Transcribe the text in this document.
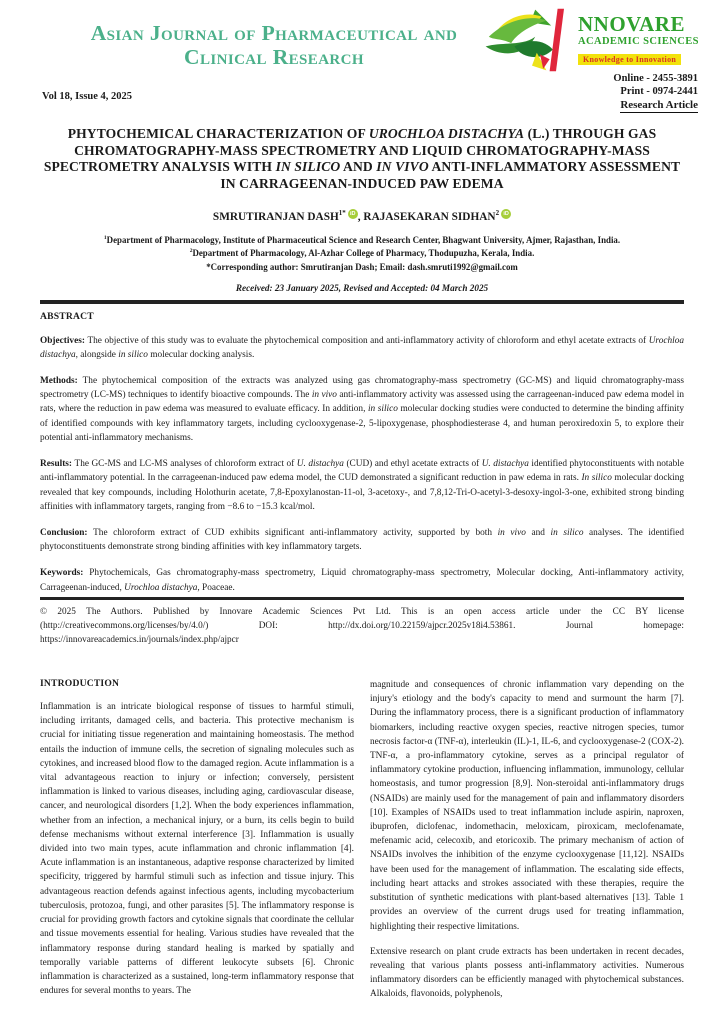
Asian Journal of Pharmaceutical and Clinical Research
NNOVARE
ACADEMIC SCIENCES
Knowledge to Innovation
Online - 2455-3891
Print - 0974-2441
Research Article
Vol 18, Issue 4, 2025
PHYTOCHEMICAL CHARACTERIZATION OF UROCHLOA DISTACHYA (L.) THROUGH GAS CHROMATOGRAPHY-MASS SPECTROMETRY AND LIQUID CHROMATOGRAPHY-MASS SPECTROMETRY ANALYSIS WITH IN SILICO AND IN VIVO ANTI-INFLAMMATORY ASSESSMENT IN CARRAGEENAN-INDUCED PAW EDEMA
SMRUTIRANJAN $DASH^{1*}$ iD , RAJASEKARAN SIDHAN$^2$ iD
$^1$Department of Pharmacology, Institute of Pharmaceutical Science and Research Center, Bhagwant University, Ajmer, Rajasthan, India.
$^2$Department of Pharmacology, Al-Azhar College of Pharmacy, Thodupuzha, Kerala, India.
*Corresponding author: Smrutiranjan Dash; Email: dash.smruti1992@gmail.com
Received: 23 January 2025, Revised and Accepted: 04 March 2025
ABSTRACT
Objectives: The objective of this study was to evaluate the phytochemical composition and anti-inflammatory activity of chloroform and ethyl acetate extracts of Urochloa distachya, alongside in silico molecular docking analysis.
Methods: The phytochemical composition of the extracts was analyzed using gas chromatography-mass spectrometry (GC-MS) and liquid chromatography-mass spectrometry (LC-MS) techniques to identify bioactive compounds. The in vivo anti-inflammatory activity was assessed using the carrageenan-induced paw edema model in rats, where the reduction in paw edema was measured to evaluate efficacy. In addition, in silico molecular docking studies were conducted to determine the binding affinity of identified compounds with key inflammatory targets, including cyclooxygenase-2, 5-lipoxygenase, phosphodiesterase 4, and human peroxiredoxin 5, to explore their potential anti-inflammatory mechanisms.
Results: The GC-MS and LC-MS analyses of chloroform extract of U. distachya (CUD) and ethyl acetate extracts of U. distachya identified phytoconstituents with notable anti-inflammatory potential. In the carrageenan-induced paw edema model, the CUD demonstrated a significant reduction in paw edema in rats. In silico molecular docking revealed that key compounds, including Holothurin acetate, 7,8-Epoxylanostan-11-ol, 3-acetoxy-, and 7,8,12-Tri-O-acetyl-3-desoxy-ingol-3-one, exhibited strong binding affinities with inflammatory targets, ranging from −8.6 to −15.3 kcal/mol.
Conclusion: The chloroform extract of CUD exhibits significant anti-inflammatory activity, supported by both in vivo and in silico analyses. The identified phytoconstituents demonstrate strong binding affinities with key inflammatory targets.
Keywords: Phytochemicals, Gas chromatography-mass spectrometry, Liquid chromatography-mass spectrometry, Molecular docking, Anti-inflammatory activity, Carrageenan-induced, Urochloa distachya, Poaceae.
© 2025 The Authors. Published by Innovare Academic Sciences Pvt Ltd. This is an open access article under the CC BY license (http://creativecommons.org/licenses/by/4.0/) DOI: http://dx.doi.org/10.22159/ajpcr.2025v18i4.53861. Journal homepage: https://innovareacademics.in/journals/index.php/ajpcr
INTRODUCTION
Inflammation is an intricate biological response of tissues to harmful stimuli, including irritants, damaged cells, and bacteria. This protective mechanism is crucial for initiating tissue regeneration and maintaining homeostasis. The method entails the induction of immune cells, the secretion of signaling molecules such as cytokines, and increased blood flow to the damaged region. Acute inflammation is a vital advantageous reaction to injury or infection; conversely, persistent inflammation is linked to various diseases, including aging, cardiovascular disease, cancer, and neurological disorders [1,2]. When the body experiences inflammation, whether from an infection, a mechanical injury, or a burn, its cells begin to build defense mechanisms without external interference [3]. Inflammation is usually divided into two main types, acute inflammation and chronic inflammation [4]. Acute inflammation is an instantaneous, adaptive response characterized by limited specificity, triggered by harmful stimuli such as infection and tissue injury. This advantageous reaction defends against infectious agents, including mycobacterium tuberculosis, protozoa, fungi, and other parasites [5]. The inflammatory response is crucial for providing growth factors and cytokine signals that coordinate the cellular and tissue movements essential for healing. Various studies have revealed that the inflammatory response during standard healing is marked by spatially and temporally variable patterns of different leukocyte subsets [6]. Chronic inflammation is characterized as a sustained, long-term inflammatory response that endures for several months to years. The
magnitude and consequences of chronic inflammation vary depending on the injury's etiology and the body's capacity to mend and surmount the harm [7]. During the inflammatory process, there is a significant production of inflammatory biomarkers, including reactive oxygen species, reactive nitrogen species, tumor necrosis factor-α (TNF-α), interleukin (IL)-1, IL-6, and cyclooxygenase-2 (COX-2). TNF-α, a pro-inflammatory cytokine, serves as a principal regulator of inflammatory cytokine production, influencing inflammation, immunology, cellular homeostasis, and tumor progression [8,9]. Non-steroidal anti-inflammatory drugs (NSAIDs) are mainly used for the management of pain and inflammatory disorders [10]. Examples of NSAIDs used to treat inflammation include aspirin, naproxen, ibuprofen, diclofenac, indomethacin, meloxicam, piroxicam, meclofenamate, mefenamic acid, celecoxib, and etoricoxib. The primary mechanism of action of NSAIDs involves the inhibition of the enzyme cyclooxygenase [11,12]. NSAIDs have been used for the management of inflammation. The escalating side effects, including heart attacks and strokes associated with these therapies, require the substitution of synthetic medications with plant-based alternatives [13]. Table 1 provides an overview of the current drugs used for treating inflammation, highlighting their respective limitations.
Extensive research on plant crude extracts has been undertaken in recent decades, revealing that various plants possess anti-inflammatory activities. Numerous inflammatory disorders can be efficiently managed with phytochemical substances. Alkaloids, flavonoids, polyphenols,
